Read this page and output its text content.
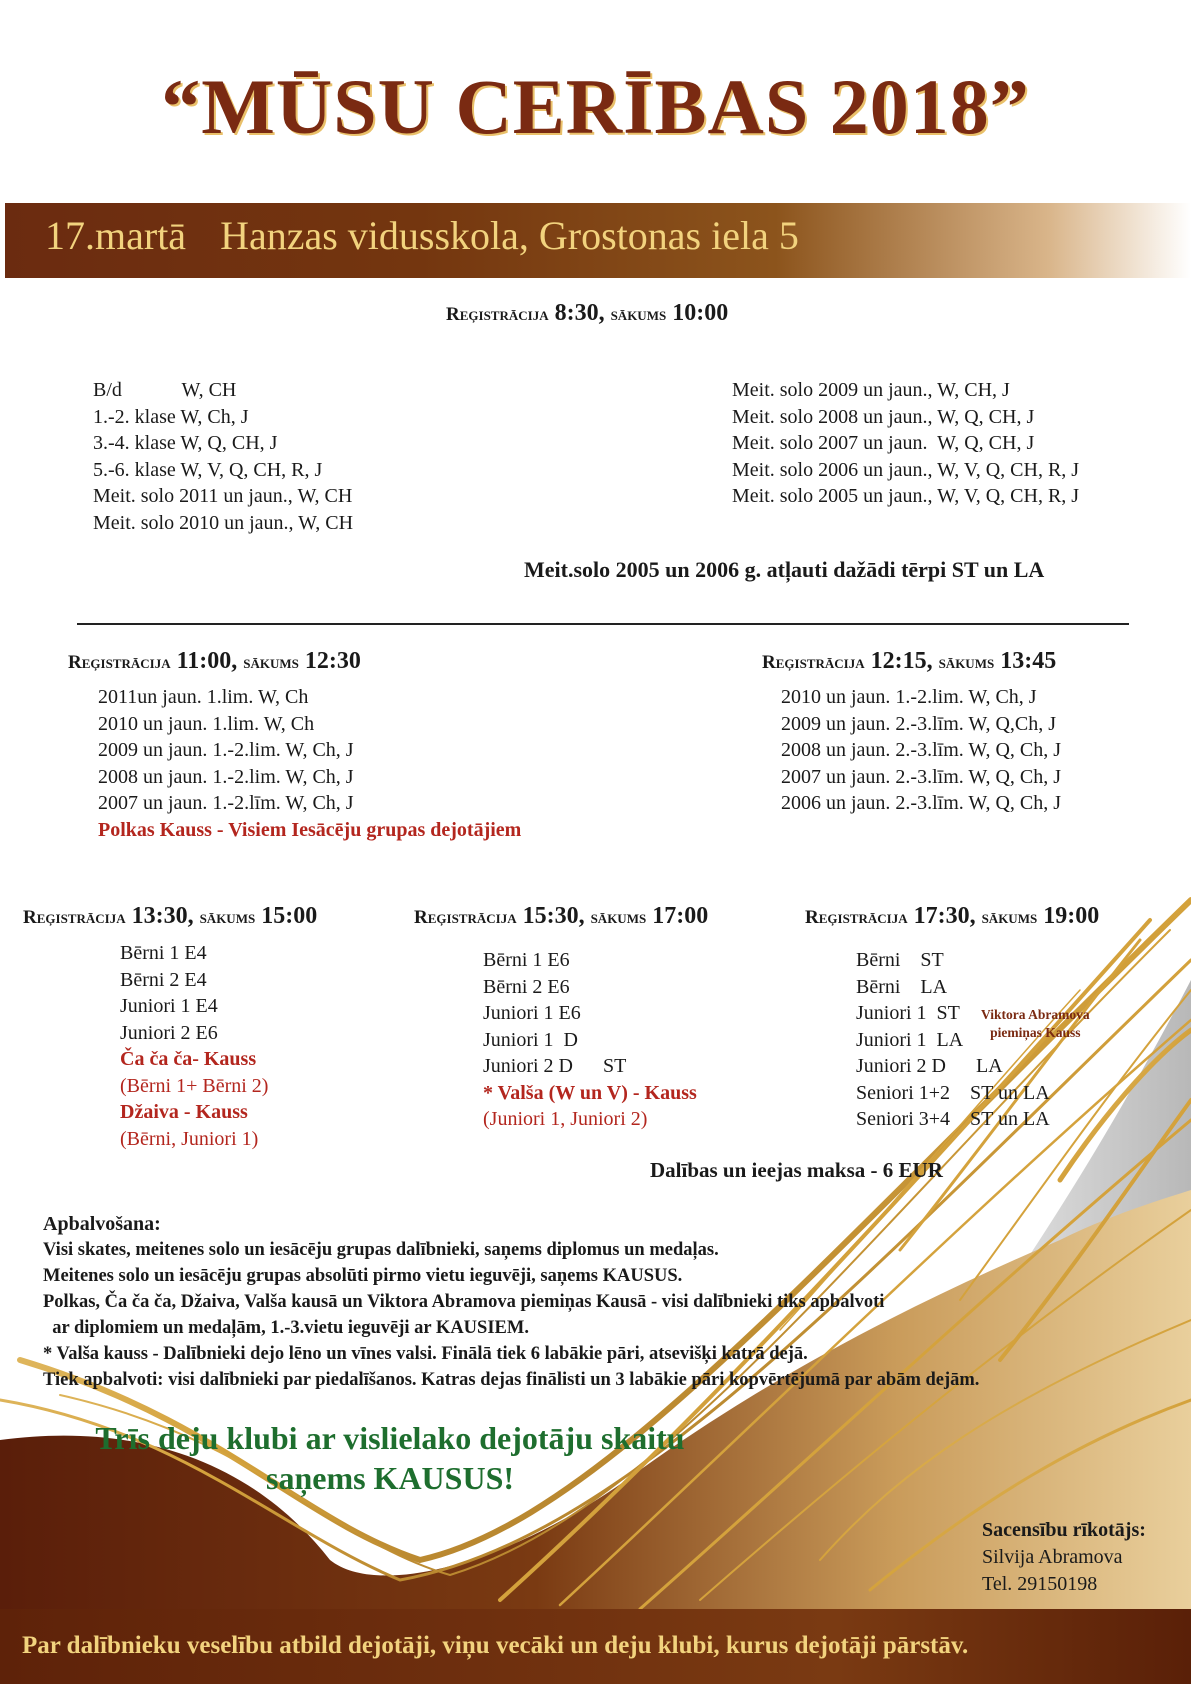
“MŪSU CERĪBAS 2018”
17.martā Hanzas vidusskola, Grostonas iela 5
Reģistrācija 8:30, sākums 10:00
B/d            W, CH
1.-2. klase W, Ch, J
3.-4. klase W, Q, CH, J
5.-6. klase W, V, Q, CH, R, J
Meit. solo 2011 un jaun., W, CH
Meit. solo 2010 un jaun., W, CH
Meit. solo 2009 un jaun., W, CH, J
Meit. solo 2008 un jaun., W, Q, CH, J
Meit. solo 2007 un jaun.  W, Q, CH, J
Meit. solo 2006 un jaun., W, V, Q, CH, R, J
Meit. solo 2005 un jaun., W, V, Q, CH, R, J
Meit.solo 2005 un 2006 g. atļauti dažādi tērpi ST un LA
Reģistrācija 11:00, sākums 12:30
2011un jaun. 1.lim. W, Ch
2010 un jaun. 1.lim. W, Ch
2009 un jaun. 1.-2.lim. W, Ch, J
2008 un jaun. 1.-2.lim. W, Ch, J
2007 un jaun. 1.-2.līm. W, Ch, J
Polkas Kauss - Visiem Iesācēju grupas dejotājiem
Reģistrācija 12:15, sākums 13:45
2010 un jaun. 1.-2.lim. W, Ch, J
2009 un jaun. 2.-3.līm. W, Q,Ch, J
2008 un jaun. 2.-3.līm. W, Q, Ch, J
2007 un jaun. 2.-3.līm. W, Q, Ch, J
2006 un jaun. 2.-3.līm. W, Q, Ch, J
Reģistrācija 13:30, sākums 15:00
Bērni 1 E4
Bērni 2 E4
Juniori 1 E4
Juniori 2 E6
Ča ča ča- Kauss
(Bērni 1+ Bērni 2)
Džaiva - Kauss
(Bērni, Juniori 1)
Reģistrācija 15:30, sākums 17:00
Bērni 1 E6
Bērni 2 E6
Juniori 1 E6
Juniori 1  D
Juniori 2 D      ST
* Valša (W un V) - Kauss
(Juniori 1, Juniori 2)
Reģistrācija 17:30, sākums 19:00
Bērni    ST
Bērni    LA
Juniori 1  ST
Juniori 1  LA
Juniori 2 D      LA
Seniori 1+2    ST un LA
Seniori 3+4    ST un LA
Viktora Abramova
piemiņas Kauss
Dalības un ieejas maksa - 6 EUR
Apbalvošana:
Visi skates, meitenes solo un iesācēju grupas dalībnieki, saņems diplomus un medaļas.
Meitenes solo un iesācēju grupas absolūti pirmo vietu ieguvēji, saņems KAUSUS.
Polkas, Ča ča ča, Džaiva, Valša kausā un Viktora Abramova piemiņas Kausā - visi dalībnieki tiks apbalvoti
ar diplomiem un medaļām, 1.-3.vietu ieguvēji ar KAUSIEM.
* Valša kauss - Dalībnieki dejo lēno un vīnes valsi. Finālā tiek 6 labākie pāri, atsevišķi katrā dejā.
Tiek apbalvoti: visi dalībnieki par piedalīšanos. Katras dejas finālisti un 3 labākie pāri kopvērtējumā par abām dejām.
Trīs deju klubi ar vislielako dejotāju skaitu
saņems KAUSUS!
Sacensību rīkotājs:
Silvija Abramova
Tel. 29150198
Par dalībnieku veselību atbild dejotāji, viņu vecāki un deju klubi, kurus dejotāji pārstāv.
